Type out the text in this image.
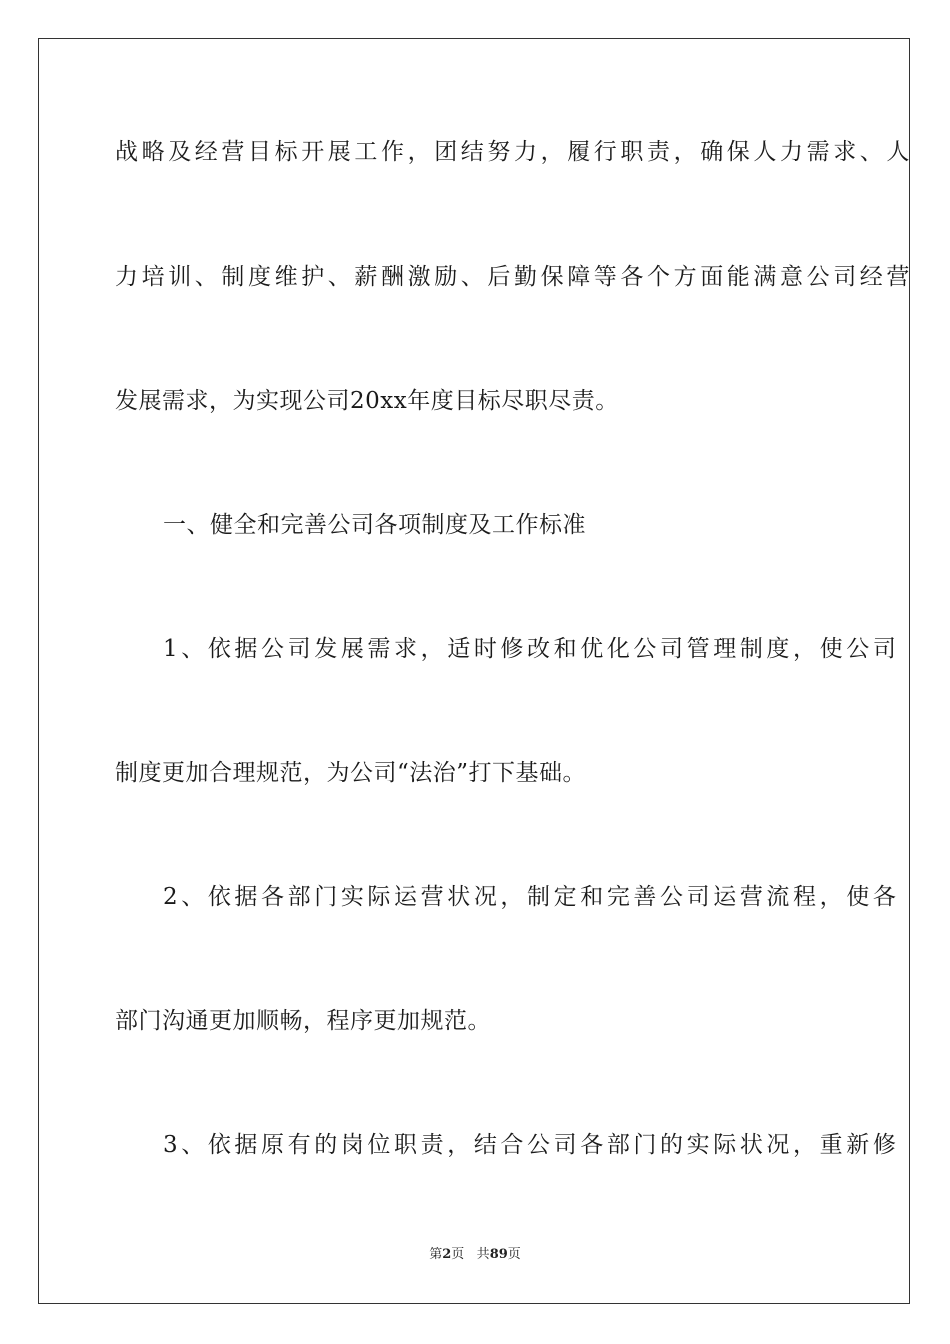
战略及经营目标开展工作，团结努力，履行职责，确保人力需求、人
力培训、制度维护、薪酬激励、后勤保障等各个方面能满意公司经营
发展需求，为实现公司20xx年度目标尽职尽责。
一、健全和完善公司各项制度及工作标准
1、依据公司发展需求，适时修改和优化公司管理制度，使公司
制度更加合理规范，为公司“法治”打下基础。
2、依据各部门实际运营状况，制定和完善公司运营流程，使各
部门沟通更加顺畅，程序更加规范。
3、依据原有的岗位职责，结合公司各部门的实际状况，重新修
第2页 共89页
